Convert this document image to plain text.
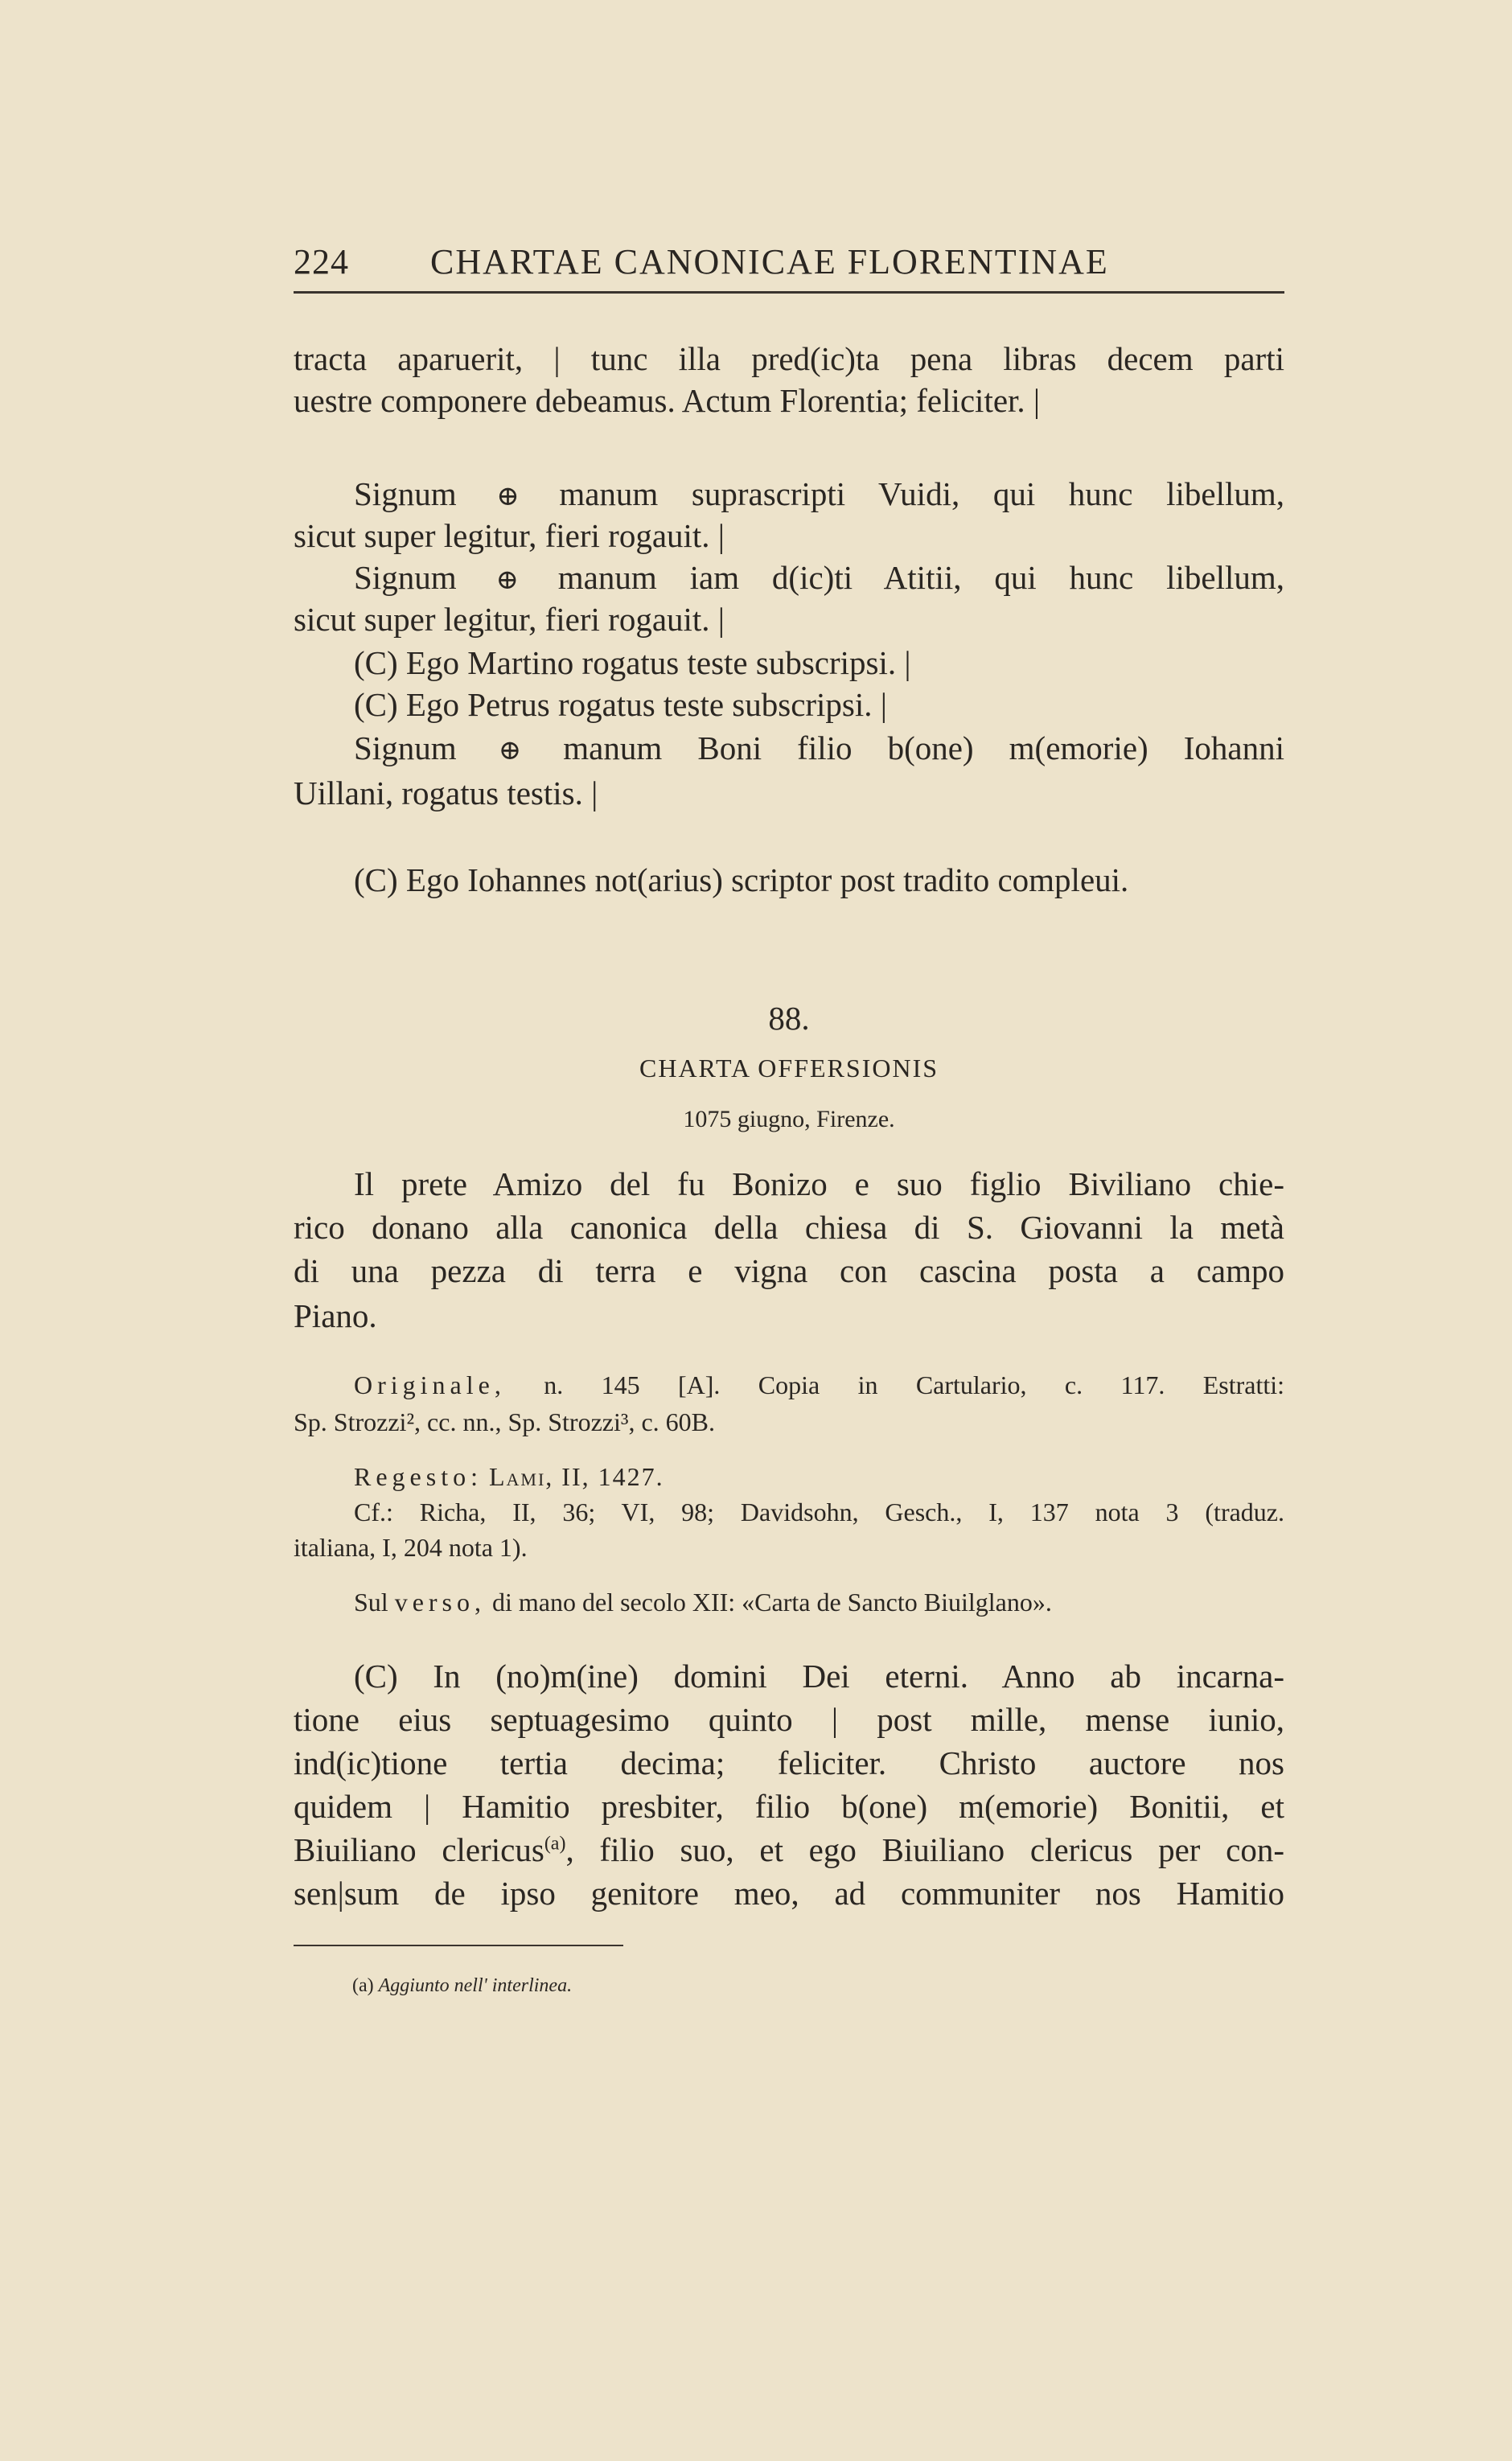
224 CHARTAE CANONICAE FLORENTINAE
tracta aparuerit, | tunc illa pred(ic)ta pena libras decem parti
uestre componere debeamus. Actum Florentia; feliciter. |
Signum ⊕ manum suprascripti Vuidi, qui hunc libellum,
sicut super legitur, fieri rogauit. |
Signum ⊕ manum iam d(ic)ti Atitii, qui hunc libellum,
sicut super legitur, fieri rogauit. |
(C) Ego Martino rogatus teste subscripsi. |
(C) Ego Petrus rogatus teste subscripsi. |
Signum ⊕ manum Boni filio b(one) m(emorie) Iohanni
Uillani, rogatus testis. |
(C) Ego Iohannes not(arius) scriptor post tradito compleui.
88.
CHARTA OFFERSIONIS
1075 giugno, Firenze.
Il prete Amizo del fu Bonizo e suo figlio Biviliano chie-
rico donano alla canonica della chiesa di S. Giovanni la metà
di una pezza di terra e vigna con cascina posta a campo
Piano.
Originale, n. 145 [A]. Copia in Cartulario, c. 117. Estratti:
Sp. Strozzi², cc. nn., Sp. Strozzi³, c. 60B.
Regesto: Lami, II, 1427.
Cf.: Richa, II, 36; VI, 98; Davidsohn, Gesch., I, 137 nota 3 (traduz.
italiana, I, 204 nota 1).
Sul verso, di mano del secolo XII: «Carta de Sancto Biuilglano».
(C) In (no)m(ine) domini Dei eterni. Anno ab incarna-
tione eius septuagesimo quinto | post mille, mense iunio,
ind(ic)tione tertia decima; feliciter. Christo auctore nos
quidem | Hamitio presbiter, filio b(one) m(emorie) Bonitii, et
Biuiliano clericus$^{(a)}$, filio suo, et ego Biuiliano clericus per con-
sen|sum de ipso genitore meo, ad communiter nos Hamitio
(a) Aggiunto nell' interlinea.
